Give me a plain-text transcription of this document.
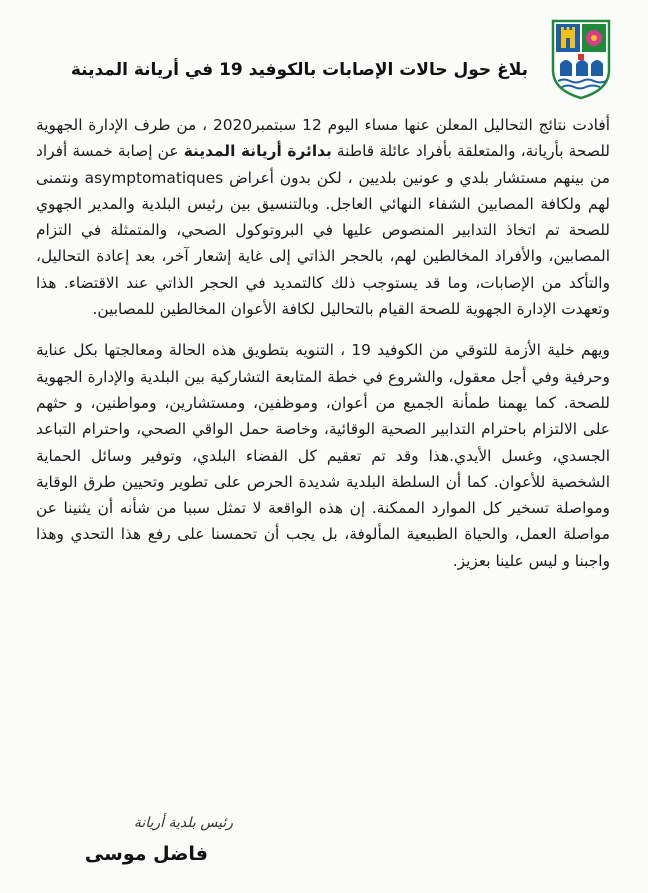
بلاغ حول حالات الإصابات بالكوفيد 19 في أريانة المدينة

أفادت نتائج التحاليل المعلن عنها مساء اليوم 12 سبتمبر2020 ، من طرف الإدارة الجهوية للصحة بأريانة، والمتعلقة بأفراد عائلة قاطنة بدائرة أريانة المدينة عن إصابة خمسة أفراد من بينهم مستشار بلدي و عونين بلديين ، لكن بدون أعراض asymptomatiques ونتمنى لهم ولكافة المصابين الشفاء النهائي العاجل. وبالتنسيق بين رئيس البلدية والمدير الجهوي للصحة تم اتخاذ التدابير المنصوص عليها في البروتوكول الصحي، والمتمثلة في التزام المصابين، والأفراد المخالطين لهم، بالحجر الذاتي إلى غاية إشعار آخر، بعد إعادة التحاليل، والتأكد من الإصابات، وما قد يستوجب ذلك كالتمديد في الحجر الذاتي عند الاقتضاء. هذا وتعهدت الإدارة الجهوية للصحة القيام بالتحاليل لكافة الأعوان المخالطين للمصابين.

ويهم خلية الأزمة للتوقي من الكوفيد 19 ، التنويه بتطويق هذه الحالة ومعالجتها بكل عناية وحرفية وفي أجل معقول، والشروع في خطة المتابعة التشاركية بين البلدية والإدارة الجهوية للصحة. كما يهمنا طمأنة الجميع من أعوان، وموظفين، ومستشارين، ومواطنين، و حثهم على الالتزام باحترام التدابير الصحية الوقائية، وخاصة حمل الواقي الصحي، واحترام التباعد الجسدي، وغسل الأيدي.هذا وقد تم تعقيم كل الفضاء البلدي، وتوفير وسائل الحماية الشخصية للأعوان. كما أن السلطة البلدية شديدة الحرص على تطوير وتحيين طرق الوقاية ومواصلة تسخير كل الموارد الممكنة. إن هذه الواقعة لا تمثل سببا من شأنه أن يثنينا عن مواصلة العمل، والحياة الطبيعية المألوفة، بل يجب أن تحمسنا على رفع هذا التحدي وهذا واجبنا و ليس علينا بعزيز.

رئيس بلدية أريانة
فاضل موسى
